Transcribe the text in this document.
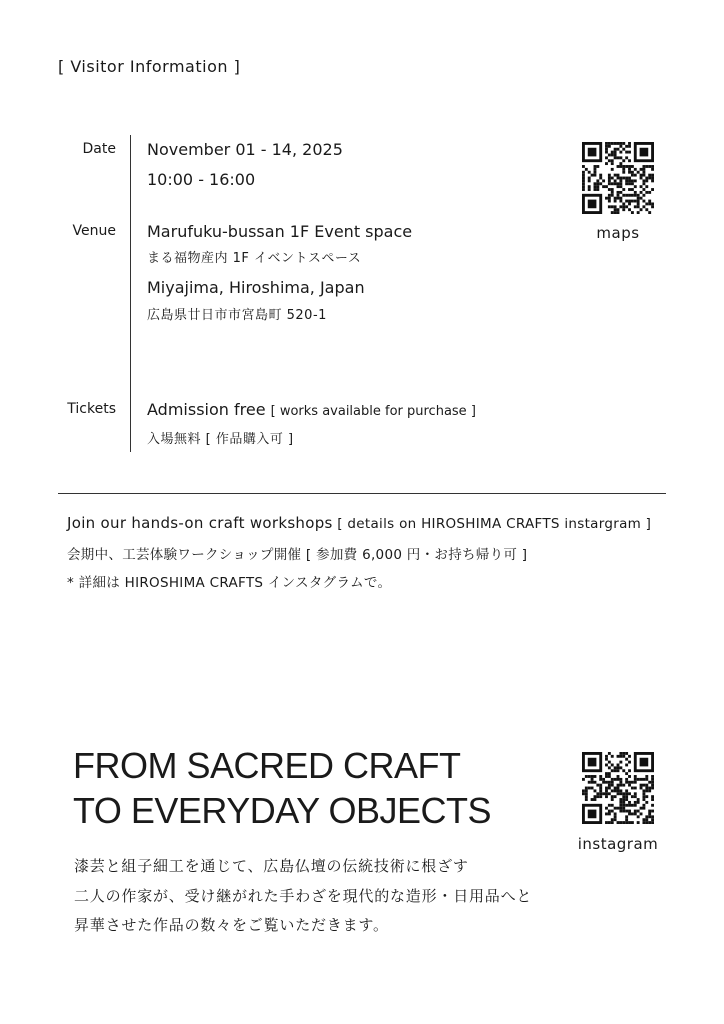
[ Visitor Information ]
Date
Venue
Tickets
November 01 - 14, 2025
10:00 - 16:00
Marufuku-bussan 1F Event space
まる福物産内 1F イベントスペース
Miyajima, Hiroshima, Japan
広島県廿日市市宮島町 520-1
Admission free [ works available for purchase ]
入場無料 [ 作品購入可 ]
maps
Join our hands-on craft workshops [ details on HIROSHIMA CRAFTS instargram ]
会期中、工芸体験ワークショップ開催 [ 参加費 6,000 円・お持ち帰り可 ]
* 詳細は HIROSHIMA CRAFTS インスタグラムで。
FROM SACRED CRAFT
TO EVERYDAY OBJECTS
漆芸と組子細工を通じて、広島仏壇の伝統技術に根ざす
二人の作家が、受け継がれた手わざを現代的な造形・日用品へと
昇華させた作品の数々をご覧いただきます。
instagram
